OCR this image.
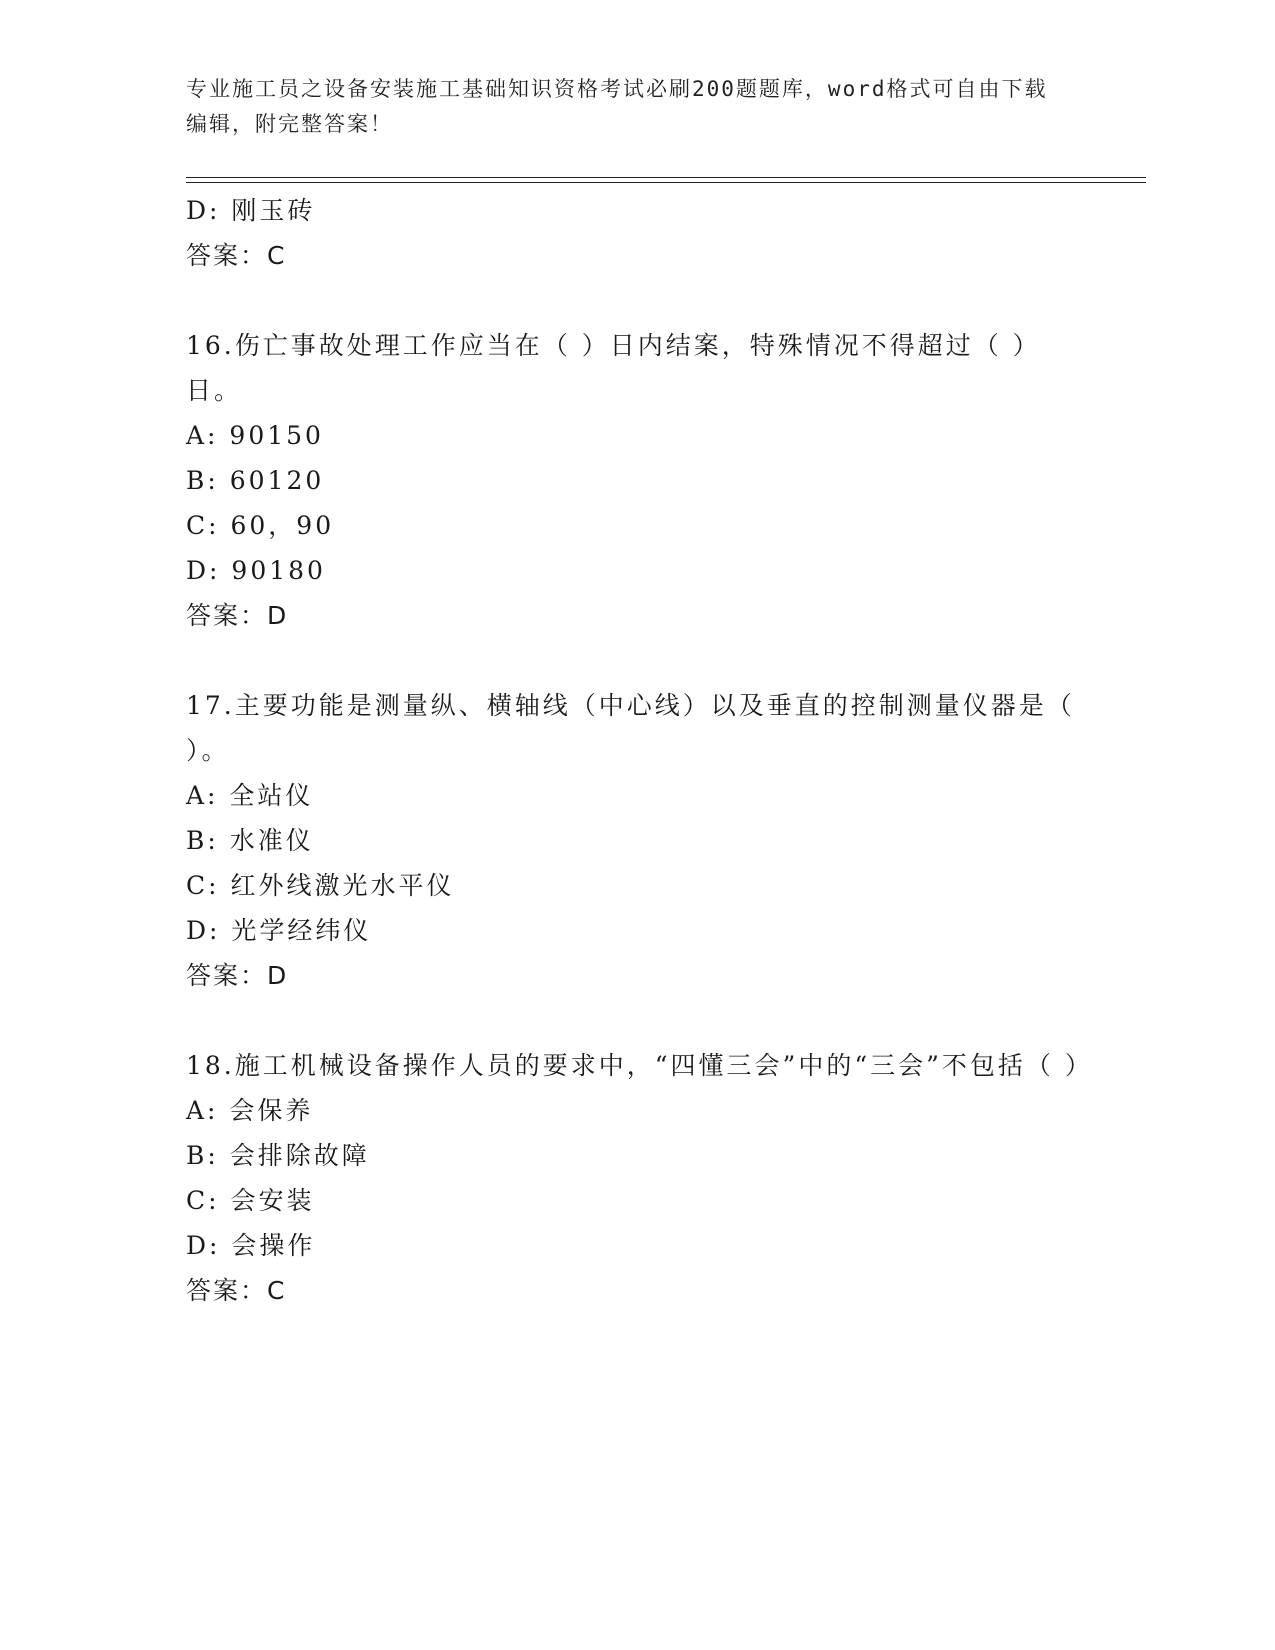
专业施工员之设备安装施工基础知识资格考试必刷200题题库，word格式可自由下载编辑，附完整答案！
D: 刚玉砖
答案：C
16.伤亡事故处理工作应当在（ ）日内结案，特殊情况不得超过（ ）日。
A: 90150
B: 60120
C: 60，90
D: 90180
答案：D
17.主要功能是测量纵、横轴线（中心线）以及垂直的控制测量仪器是（ ）。
A: 全站仪
B: 水准仪
C: 红外线激光水平仪
D: 光学经纬仪
答案：D
18.施工机械设备操作人员的要求中，“四懂三会”中的“三会”不包括（ ）
A: 会保养
B: 会排除故障
C: 会安装
D: 会操作
答案：C
